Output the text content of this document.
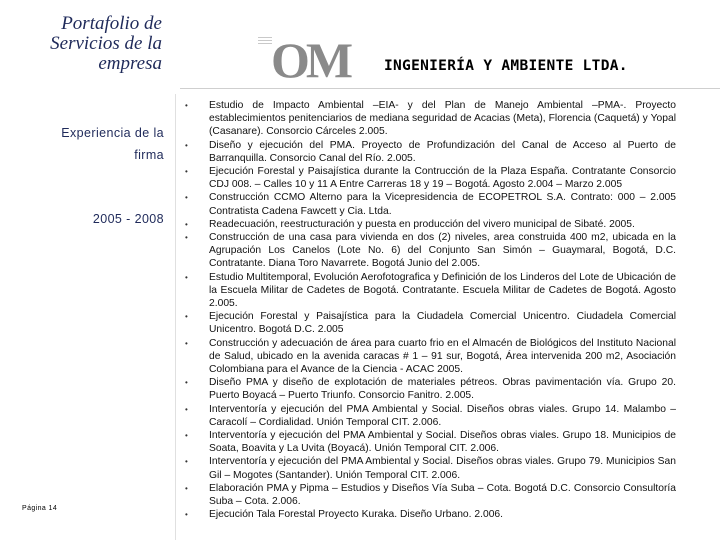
Portafolio de Servicios de la empresa OM INGENIERÍA Y AMBIENTE LTDA.
Experiencia de la firma
2005 - 2008
Página 14
• Estudio de Impacto Ambiental –EIA- y del Plan de Manejo Ambiental –PMA-. Proyecto establecimientos penitenciarios de mediana seguridad de Acacias (Meta), Florencia (Caquetá) y Yopal (Casanare). Consorcio Cárceles 2.005.
• Diseño y ejecución del PMA. Proyecto de Profundización del Canal de Acceso al Puerto de Barranquilla. Consorcio Canal del Río. 2.005.
• Ejecución Forestal y Paisajística durante la Contrucción de la Plaza España. Contratante Consorcio CDJ 008. – Calles 10 y 11 A Entre Carreras 18 y 19 – Bogotá. Agosto 2.004 – Marzo 2.005
• Construcción CCMO Alterno para la Vicepresidencia de ECOPETROL S.A. Contrato: 000 – 2.005 Contratista Cadena Fawcett y Cia. Ltda.
• Readecuación, reestructuración y puesta en producción del vivero municipal de Sibaté. 2005.
• Construcción de una casa para vivienda en dos (2) niveles, area construida 400 m2, ubicada en la Agrupación Los Canelos (Lote No. 6) del Conjunto San Simón – Guaymaral, Bogotá, D.C. Contratante. Diana Toro Navarrete. Bogotá Junio del 2.005.
• Estudio Multitemporal, Evolución Aerofotografica y Definición de los Linderos del Lote de Ubicación de la Escuela Militar de Cadetes de Bogotá. Contratante. Escuela Militar de Cadetes de Bogotá. Agosto 2.005.
• Ejecución Forestal y Paisajística para la Ciudadela Comercial Unicentro. Ciudadela Comercial Unicentro. Bogotá D.C. 2.005
• Construcción y adecuación de área para cuarto frio en el Almacén de Biológicos del Instituto Nacional de Salud, ubicado en la avenida caracas # 1 – 91 sur, Bogotá, Área intervenida 200 m2, Asociación Colombiana para el Avance de la Ciencia - ACAC 2005.
• Diseño PMA y diseño de explotación de materiales pétreos. Obras pavimentación vía. Grupo 20. Puerto Boyacá – Puerto Triunfo. Consorcio Fanitro. 2.005.
• Interventoría y ejecución del PMA Ambiental y Social. Diseños obras viales. Grupo 14. Malambo – Caracolí – Cordialidad. Unión Temporal CIT. 2.006.
• Interventoría y ejecución del PMA Ambiental y Social. Diseños obras viales. Grupo 18. Municipios de Soata, Boavita y La Uvita (Boyacá). Unión Temporal CIT. 2.006.
• Interventoría y ejecución del PMA Ambiental y Social. Diseños obras viales. Grupo 79. Municipios San Gil – Mogotes (Santander). Unión Temporal CIT. 2.006.
• Elaboración PMA y Pipma – Estudios y Diseños Vía Suba – Cota. Bogotá D.C. Consorcio Consultoría Suba – Cota. 2.006.
• Ejecución Tala Forestal Proyecto Kuraka. Diseño Urbano. 2.006.
